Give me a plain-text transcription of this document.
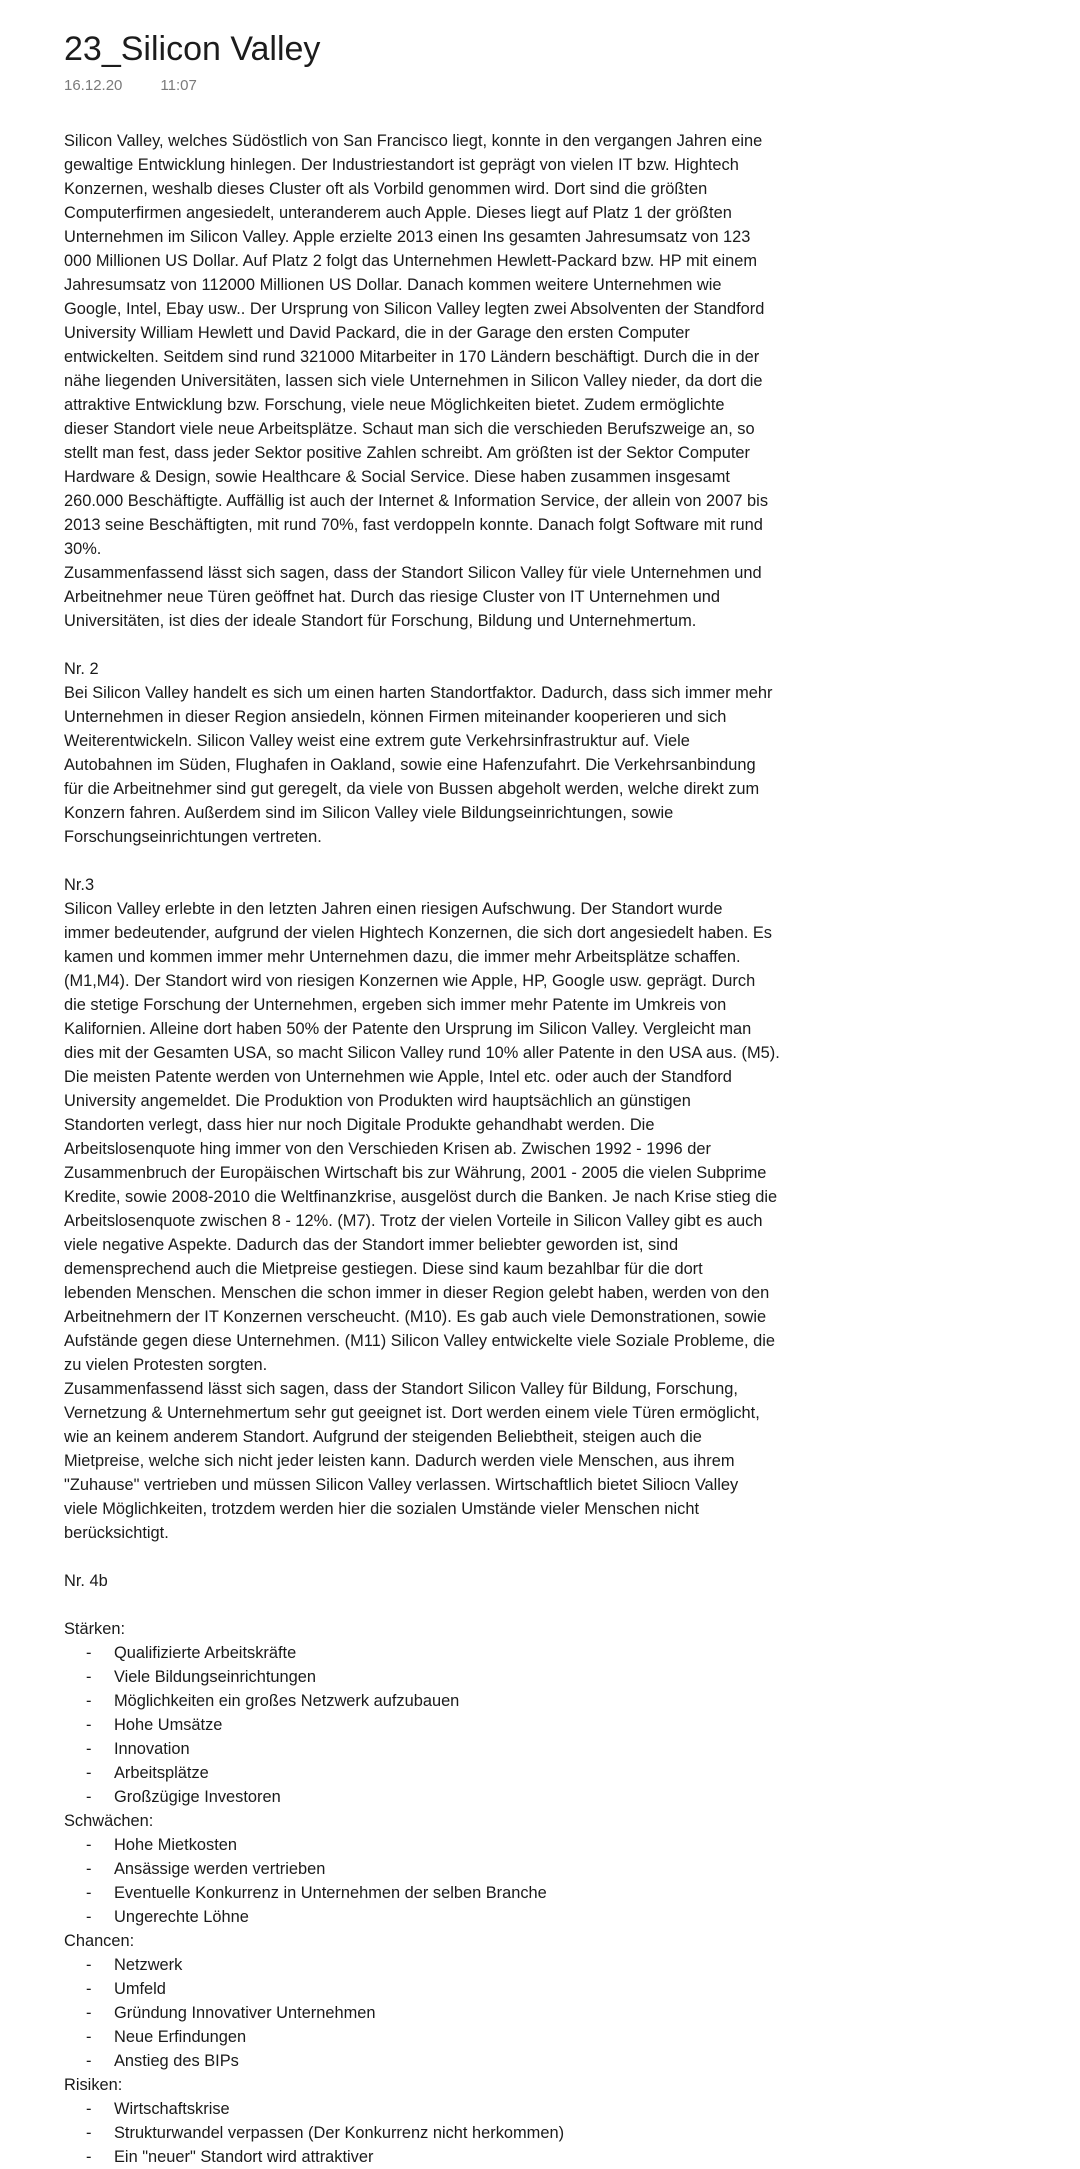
23_Silicon Valley
16.12.20	11:07

Silicon Valley, welches Südöstlich von San Francisco liegt, konnte in den vergangen Jahren eine
gewaltige Entwicklung hinlegen. Der Industriestandort ist geprägt von vielen IT bzw. Hightech
Konzernen, weshalb dieses Cluster oft als Vorbild genommen wird. Dort sind die größten
Computerfirmen angesiedelt, unteranderem auch Apple. Dieses liegt auf Platz 1 der größten
Unternehmen im Silicon Valley. Apple erzielte 2013 einen Ins gesamten Jahresumsatz von 123
000 Millionen US Dollar. Auf Platz 2 folgt das Unternehmen Hewlett-Packard bzw. HP mit einem
Jahresumsatz von 112000 Millionen US Dollar. Danach kommen weitere Unternehmen wie
Google, Intel, Ebay usw.. Der Ursprung von Silicon Valley legten zwei Absolventen der Standford
University William Hewlett und David Packard, die in der Garage den ersten Computer
entwickelten. Seitdem sind rund 321000 Mitarbeiter in 170 Ländern beschäftigt. Durch die in der
nähe liegenden Universitäten, lassen sich viele Unternehmen in Silicon Valley nieder, da dort die
attraktive Entwicklung bzw. Forschung, viele neue Möglichkeiten bietet. Zudem ermöglichte
dieser Standort viele neue Arbeitsplätze. Schaut man sich die verschieden Berufszweige an, so
stellt man fest, dass jeder Sektor positive Zahlen schreibt. Am größten ist der Sektor Computer
Hardware & Design, sowie Healthcare & Social Service. Diese haben zusammen insgesamt
260.000 Beschäftigte. Auffällig ist auch der Internet & Information Service, der allein von 2007 bis
2013 seine Beschäftigten, mit rund 70%, fast verdoppeln konnte. Danach folgt Software mit rund
30%.
Zusammenfassend lässt sich sagen, dass der Standort Silicon Valley für viele Unternehmen und
Arbeitnehmer neue Türen geöffnet hat. Durch das riesige Cluster von IT Unternehmen und
Universitäten, ist dies der ideale Standort für Forschung, Bildung und Unternehmertum.

Nr. 2

Bei Silicon Valley handelt es sich um einen harten Standortfaktor. Dadurch, dass sich immer mehr
Unternehmen in dieser Region ansiedeln, können Firmen miteinander kooperieren und sich
Weiterentwickeln. Silicon Valley weist eine extrem gute Verkehrsinfrastruktur auf. Viele
Autobahnen im Süden, Flughafen in Oakland, sowie eine Hafenzufahrt. Die Verkehrsanbindung
für die Arbeitnehmer sind gut geregelt, da viele von Bussen abgeholt werden, welche direkt zum
Konzern fahren. Außerdem sind im Silicon Valley viele Bildungseinrichtungen, sowie
Forschungseinrichtungen vertreten.

Nr.3

Silicon Valley erlebte in den letzten Jahren einen riesigen Aufschwung. Der Standort wurde
immer bedeutender, aufgrund der vielen Hightech Konzernen, die sich dort angesiedelt haben. Es
kamen und kommen immer mehr Unternehmen dazu, die immer mehr Arbeitsplätze schaffen.
(M1,M4). Der Standort wird von riesigen Konzernen wie Apple, HP, Google usw. geprägt. Durch
die stetige Forschung der Unternehmen, ergeben sich immer mehr Patente im Umkreis von
Kalifornien. Alleine dort haben 50% der Patente den Ursprung im Silicon Valley. Vergleicht man
dies mit der Gesamten USA, so macht Silicon Valley rund 10% aller Patente in den USA aus. (M5).
Die meisten Patente werden von Unternehmen wie Apple, Intel etc. oder auch der Standford
University angemeldet. Die Produktion von Produkten wird hauptsächlich an günstigen
Standorten verlegt, dass hier nur noch Digitale Produkte gehandhabt werden. Die
Arbeitslosenquote hing immer von den Verschieden Krisen ab. Zwischen 1992 - 1996 der
Zusammenbruch der Europäischen Wirtschaft bis zur Währung, 2001 - 2005 die vielen Subprime
Kredite, sowie 2008-2010 die Weltfinanzkrise, ausgelöst durch die Banken. Je nach Krise stieg die
Arbeitslosenquote zwischen 8 - 12%. (M7). Trotz der vielen Vorteile in Silicon Valley gibt es auch
viele negative Aspekte. Dadurch das der Standort immer beliebter geworden ist, sind
demensprechend auch die Mietpreise gestiegen. Diese sind kaum bezahlbar für die dort
lebenden Menschen. Menschen die schon immer in dieser Region gelebt haben, werden von den
Arbeitnehmern der IT Konzernen verscheucht. (M10). Es gab auch viele Demonstrationen, sowie
Aufstände gegen diese Unternehmen. (M11) Silicon Valley entwickelte viele Soziale Probleme, die
zu vielen Protesten sorgten.
Zusammenfassend lässt sich sagen, dass der Standort Silicon Valley für Bildung, Forschung,
Vernetzung & Unternehmertum sehr gut geeignet ist. Dort werden einem viele Türen ermöglicht,
wie an keinem anderem Standort. Aufgrund der steigenden Beliebtheit, steigen auch die
Mietpreise, welche sich nicht jeder leisten kann. Dadurch werden viele Menschen, aus ihrem
"Zuhause" vertrieben und müssen Silicon Valley verlassen. Wirtschaftlich bietet Siliocn Valley
viele Möglichkeiten, trotzdem werden hier die sozialen Umstände vieler Menschen nicht
berücksichtigt.

Nr. 4b

Stärken:

- Qualifizierte Arbeitskräfte
- Viele Bildungseinrichtungen
- Möglichkeiten ein großes Netzwerk aufzubauen
- Hohe Umsätze
- Innovation
- Arbeitsplätze
- Großzügige Investoren

Schwächen:

- Hohe Mietkosten
- Ansässige werden vertrieben
- Eventuelle Konkurrenz in Unternehmen der selben Branche
- Ungerechte Löhne

Chancen:

- Netzwerk
- Umfeld
- Gründung Innovativer Unternehmen
- Neue Erfindungen
- Anstieg des BIPs

Risiken:

- Wirtschaftskrise
- Strukturwandel verpassen (Der Konkurrenz nicht herkommen)
- Ein "neuer" Standort wird attraktiver
